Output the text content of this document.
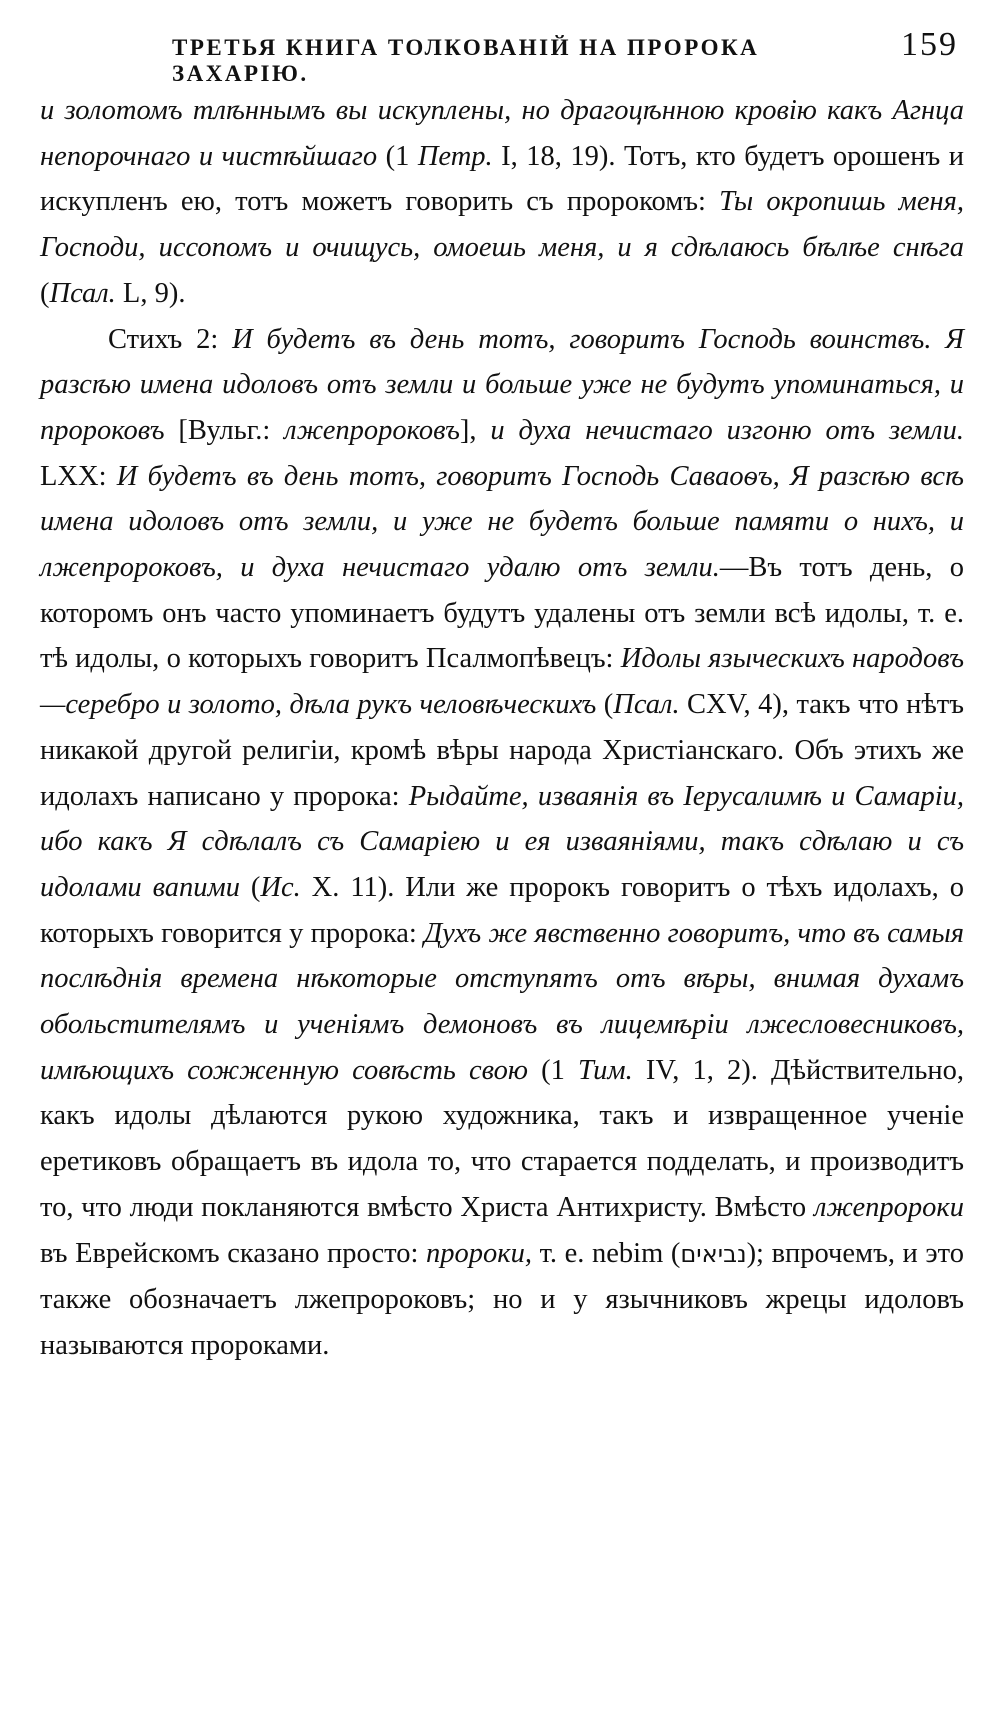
ТРЕТЬЯ КНИГА ТОЛКОВАНІЙ НА ПРОРОКА ЗАХАРІЮ.
159

и золотомъ тлѣннымъ вы искуплены, но драгоцѣнною кровію какъ Агнца непорочнаго и чистѣйшаго (1 Петр. I, 18, 19). Тотъ, кто будетъ орошенъ и искупленъ ею, тотъ можетъ говорить съ пророкомъ: Ты окропишь меня, Господи, иссопомъ и очищусь, омоешь меня, и я сдѣлаюсь бѣлѣе снѣга (Псал. L, 9).

Стихъ 2: И будетъ въ день тотъ, говоритъ Господь воинствъ. Я разсѣю имена идоловъ отъ земли и больше уже не будутъ упоминаться, и пророковъ [Вульг.: лжепророковъ], и духа нечистаго изгоню отъ земли. LXX: И будетъ въ день тотъ, говоритъ Господь Саваоѳъ, Я разсѣю всѣ имена идоловъ отъ земли, и уже не будетъ больше памяти о нихъ, и лжепророковъ, и духа нечистаго удалю отъ земли.—Въ тотъ день, о которомъ онъ часто упоминаетъ будутъ удалены отъ земли всѣ идолы, т. е. тѣ идолы, о которыхъ говоритъ Псалмопѣвецъ: Идолы языческихъ народовъ—серебро и золото, дѣла рукъ человѣческихъ (Псал. CXV, 4), такъ что нѣтъ никакой другой религіи, кромѣ вѣры народа Христіанскаго. Объ этихъ же идолахъ написано у пророка: Рыдайте, изваянія въ Іерусалимѣ и Самаріи, ибо какъ Я сдѣлалъ съ Самаріею и ея изваяніями, такъ сдѣлаю и съ идолами ваnими (Ис. X. 11). Или же пророкъ говоритъ о тѣхъ идолахъ, о которыхъ говорится у пророка: Духъ же явственно говоритъ, что въ самыя послѣднія времена нѣкоторые отступятъ отъ вѣры, внимая духамъ обольстителямъ и ученіямъ демоновъ въ лицемѣріи лжесловесниковъ, имѣющихъ сожженную совѣсть свою (1 Тим. IV, 1, 2). Дѣйствительно, какъ идолы дѣлаются рукою художника, такъ и извращенное ученіе еретиковъ обращаетъ въ идола то, что старается подделать, и производитъ то, что люди покланяются вмѣсто Христа Антихристу. Вмѣсто лжепророки въ Еврейскомъ сказано просто: пророки, т. е. nebim (נביאים); впрочемъ, и это также обозначаетъ лжепророковъ; но и у язычниковъ жрецы идоловъ называются пророками.
